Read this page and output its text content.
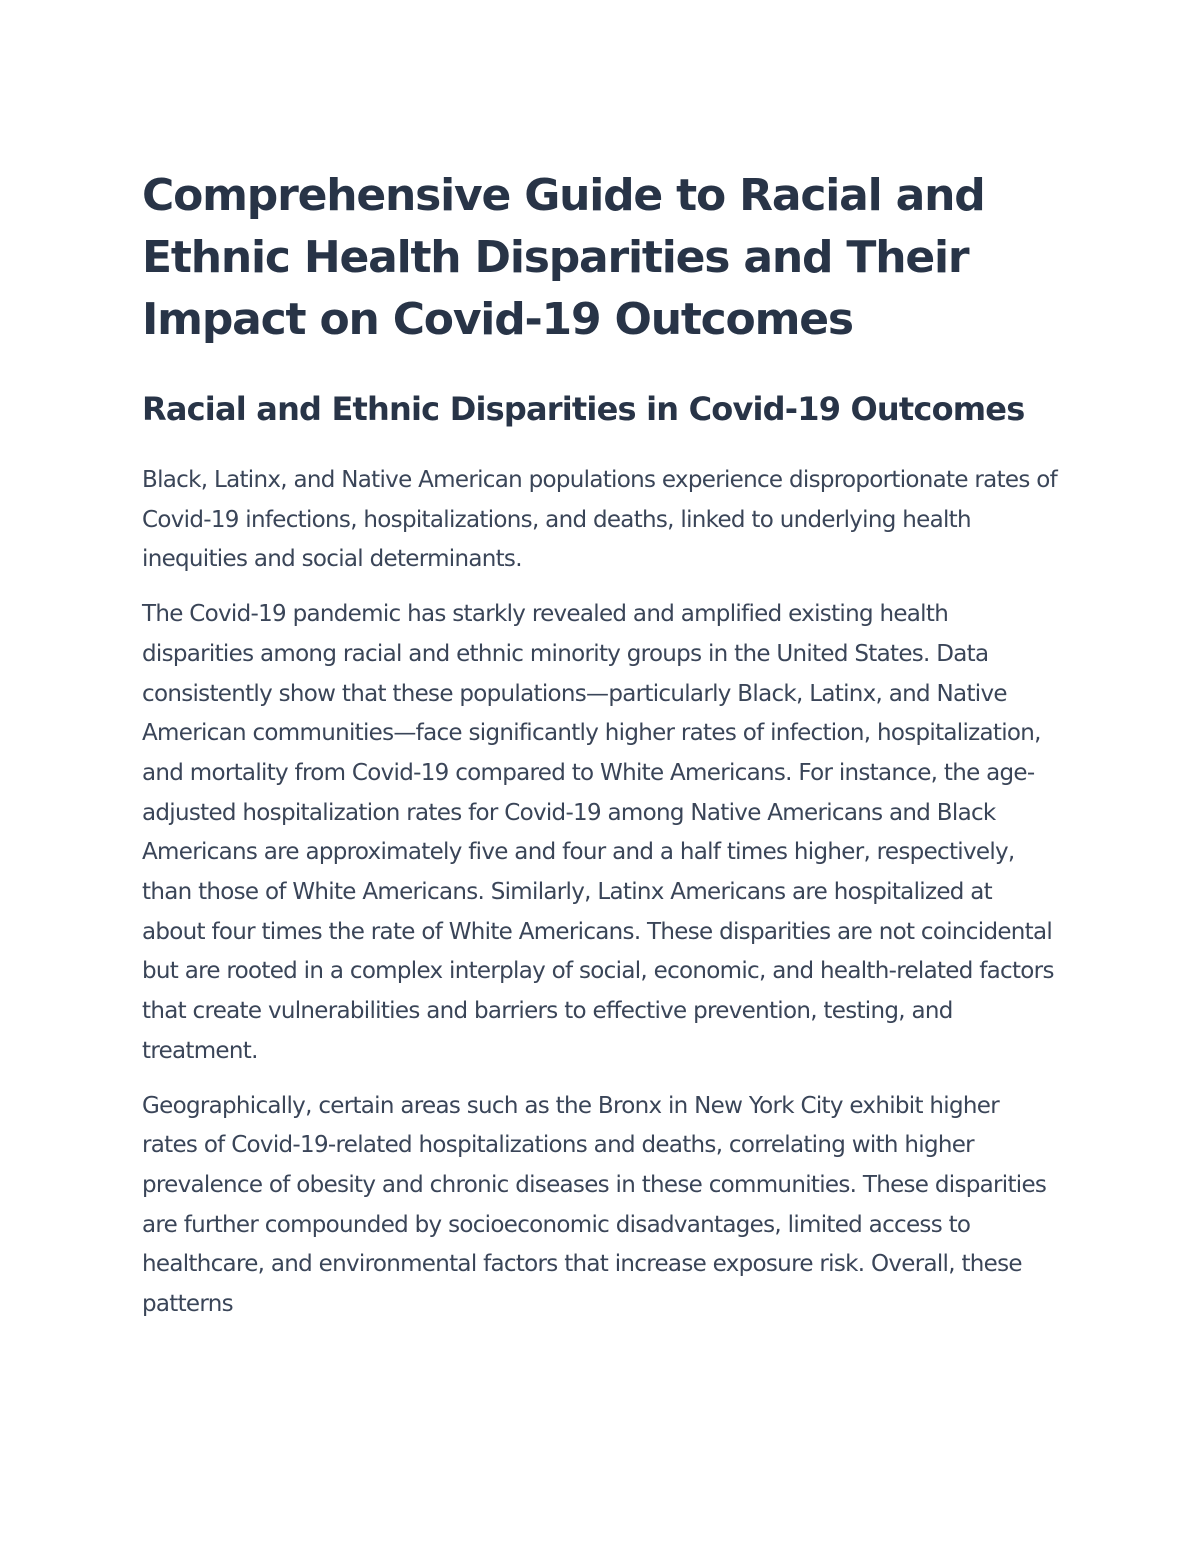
Comprehensive Guide to Racial and Ethnic Health Disparities and Their Impact on Covid-19 Outcomes
Racial and Ethnic Disparities in Covid-19 Outcomes

Black, Latinx, and Native American populations experience disproportionate rates of Covid-19 infections, hospitalizations, and deaths, linked to underlying health inequities and social determinants.

The Covid-19 pandemic has starkly revealed and amplified existing health disparities among racial and ethnic minority groups in the United States. Data consistently show that these populations—particularly Black, Latinx, and Native American communities—face significantly higher rates of infection, hospitalization, and mortality from Covid-19 compared to White Americans. For instance, the age-adjusted hospitalization rates for Covid-19 among Native Americans and Black Americans are approximately five and four and a half times higher, respectively, than those of White Americans. Similarly, Latinx Americans are hospitalized at about four times the rate of White Americans. These disparities are not coincidental but are rooted in a complex interplay of social, economic, and health-related factors that create vulnerabilities and barriers to effective prevention, testing, and treatment.

Geographically, certain areas such as the Bronx in New York City exhibit higher rates of Covid-19-related hospitalizations and deaths, correlating with higher prevalence of obesity and chronic diseases in these communities. These disparities are further compounded by socioeconomic disadvantages, limited access to healthcare, and environmental factors that increase exposure risk. Overall, these patterns
